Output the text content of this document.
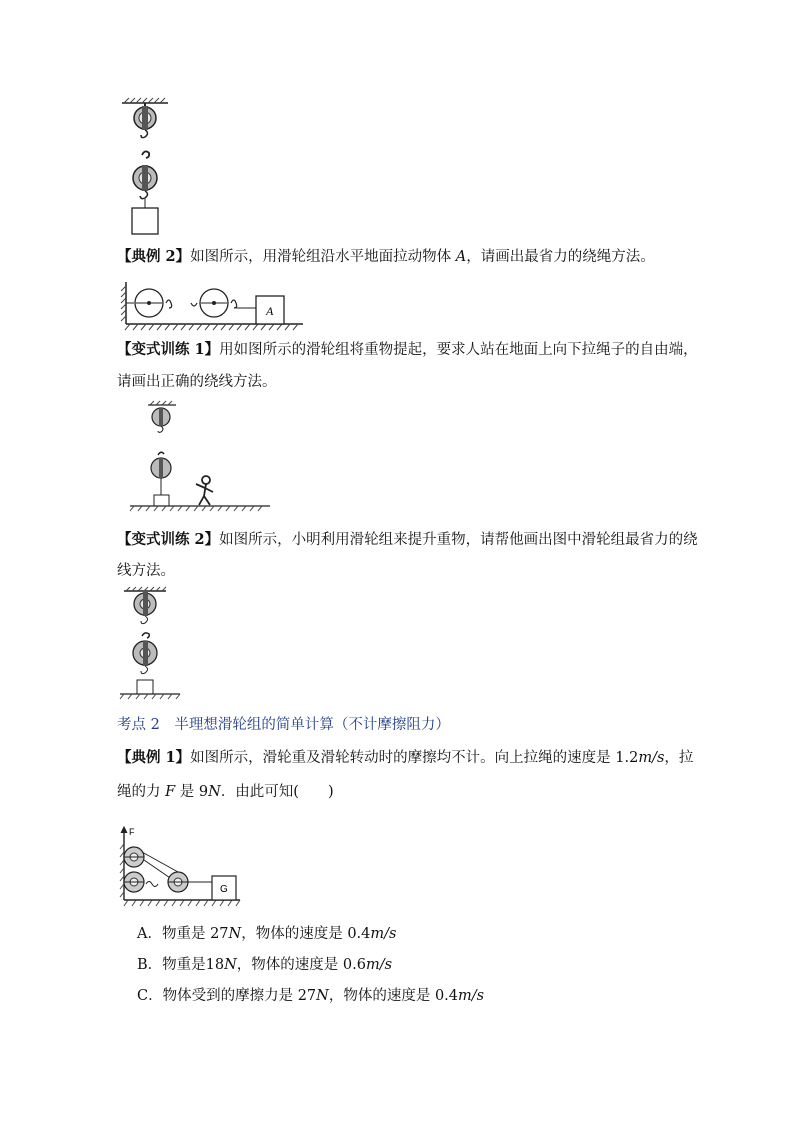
【典例 2】如图所示，用滑轮组沿水平地面拉动物体 A，请画出最省力的绕绳方法。
A
【变式训练 1】用如图所示的滑轮组将重物提起，要求人站在地面上向下拉绳子的自由端，
请画出正确的绕线方法。
【变式训练 2】如图所示，小明利用滑轮组来提升重物，请帮他画出图中滑轮组最省力的绕
线方法。
考点 2　半理想滑轮组的简单计算（不计摩擦阻力）
【典例 1】如图所示，滑轮重及滑轮转动时的摩擦均不计。向上拉绳的速度是 1.2m/s，拉
绳的力 F 是 9N．由此可知(　　)
F
G
A．物重是 27N，物体的速度是 0.4m/s
B．物重是18N，物体的速度是 0.6m/s
C．物体受到的摩擦力是 27N，物体的速度是 0.4m/s
